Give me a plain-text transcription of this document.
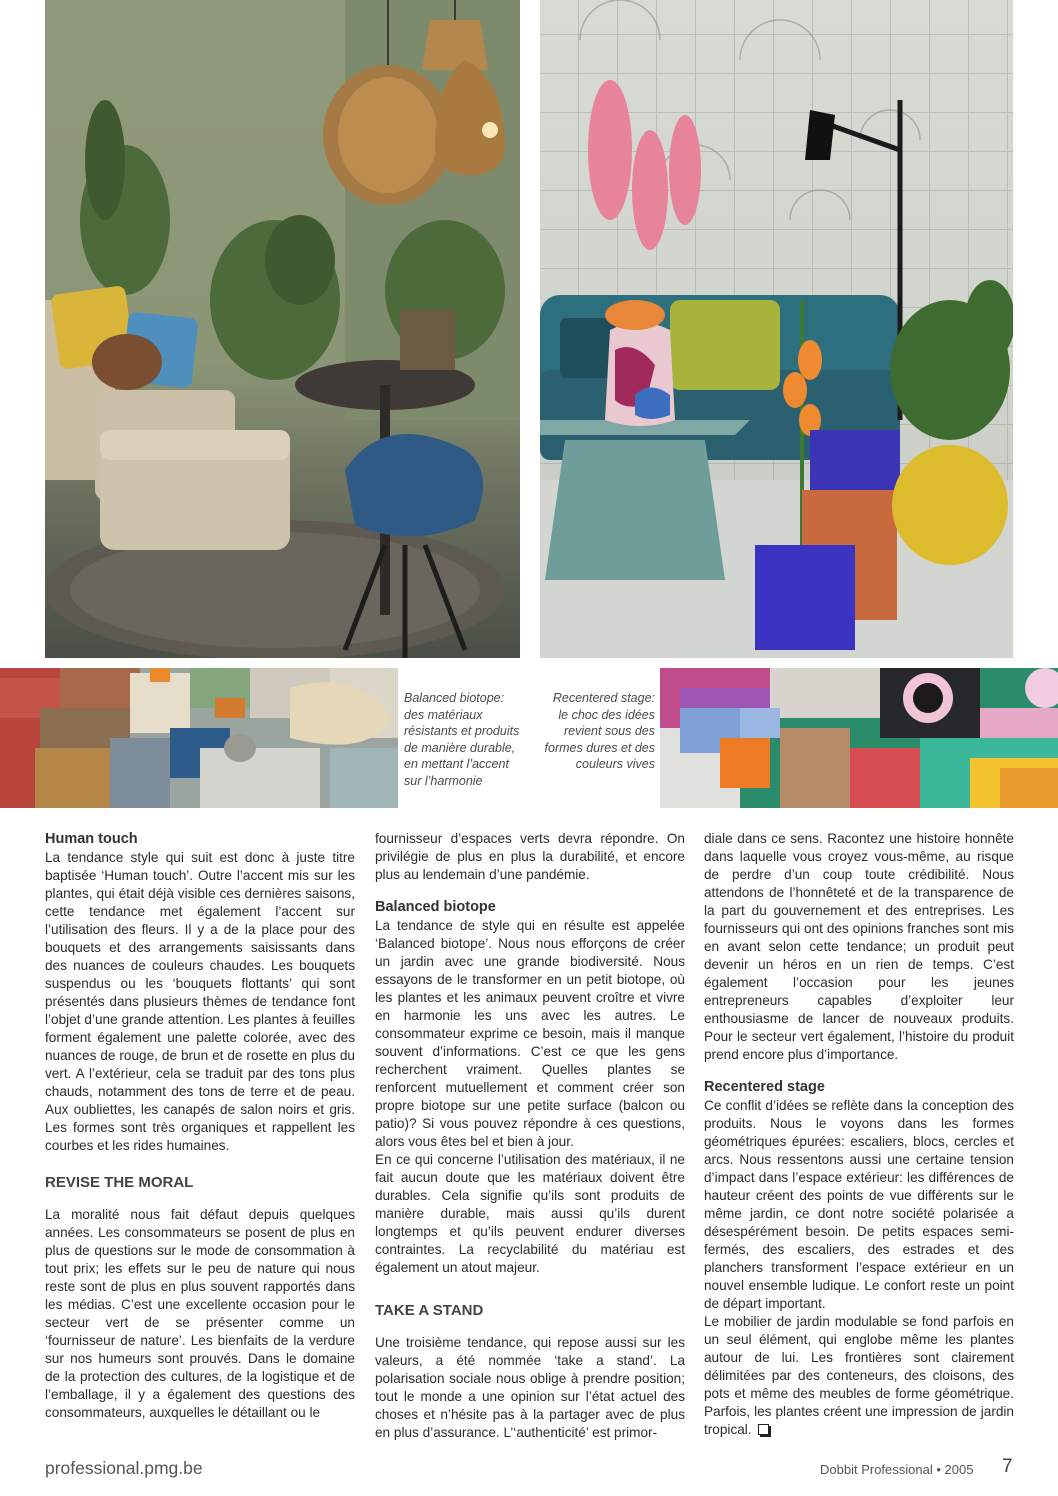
Balanced biotope:
des matériaux
résistants et produits
de manière durable,
en mettant l’accent
sur l’harmonie
Recentered stage:
le choc des idées
revient sous des
formes dures et des
couleurs vives
Human touch

La tendance style qui suit est donc à juste titre baptisée ‘Human touch’. Outre l’accent mis sur les plantes, qui était déjà visible ces dernières saisons, cette tendance met également l’accent sur l’utilisation des fleurs. Il y a de la place pour des bouquets et des arrangements saisissants dans des nuances de couleurs chaudes. Les bouquets suspendus ou les ‘bouquets flottants’ qui sont présentés dans plusieurs thèmes de tendance font l’objet d’une grande attention. Les plantes à feuilles forment également une palette colorée, avec des nuances de rouge, de brun et de rosette en plus du vert. A l’extérieur, cela se traduit par des tons plus chauds, notamment des tons de terre et de peau. Aux oubliettes, les canapés de salon noirs et gris. Les formes sont très organiques et rappellent les courbes et les rides humaines.

REVISE THE MORAL

La moralité nous fait défaut depuis quelques années. Les consommateurs se posent de plus en plus de questions sur le mode de consommation à tout prix; les effets sur le peu de nature qui nous reste sont de plus en plus souvent rapportés dans les médias. C’est une excellente occasion pour le secteur vert de se présenter comme un ‘fournisseur de nature’. Les bienfaits de la verdure sur nos humeurs sont prouvés. Dans le domaine de la protection des cultures, de la logistique et de l’emballage, il y a également des questions des consommateurs, auxquelles le détaillant ou le

fournisseur d’espaces verts devra répondre. On privilégie de plus en plus la durabilité, et encore plus au lendemain d’une pandémie.

Balanced biotope

La tendance de style qui en résulte est appelée ‘Balanced biotope’. Nous nous efforçons de créer un jardin avec une grande biodiversité. Nous essayons de le transformer en un petit biotope, où les plantes et les animaux peuvent croître et vivre en harmonie les uns avec les autres. Le consommateur exprime ce besoin, mais il manque souvent d’informations. C’est ce que les gens recherchent vraiment. Quelles plantes se renforcent mutuellement et comment créer son propre biotope sur une petite surface (balcon ou patio)? Si vous pouvez répondre à ces questions, alors vous êtes bel et bien à jour.

En ce qui concerne l’utilisation des matériaux, il ne fait aucun doute que les matériaux doivent être durables. Cela signifie qu’ils sont produits de manière durable, mais aussi qu’ils durent longtemps et qu’ils peuvent endurer diverses contraintes. La recyclabilité du matériau est également un atout majeur.

TAKE A STAND

Une troisième tendance, qui repose aussi sur les valeurs, a été nommée ‘take a stand’. La polarisation sociale nous oblige à prendre position; tout le monde a une opinion sur l’état actuel des choses et n’hésite pas à la partager avec de plus en plus d’assurance. L’‘authenticité’ est primor-

diale dans ce sens. Racontez une histoire honnête dans laquelle vous croyez vous-même, au risque de perdre d’un coup toute crédibilité. Nous attendons de l’honnêteté et de la transparence de la part du gouvernement et des entreprises. Les fournisseurs qui ont des opinions franches sont mis en avant selon cette tendance; un produit peut devenir un héros en un rien de temps. C’est également l’occasion pour les jeunes entrepreneurs capables d’exploiter leur enthousiasme de lancer de nouveaux produits. Pour le secteur vert également, l’histoire du produit prend encore plus d’importance.

Recentered stage

Ce conflit d’idées se reflète dans la conception des produits. Nous le voyons dans les formes géométriques épurées: escaliers, blocs, cercles et arcs. Nous ressentons aussi une certaine tension d’impact dans l’espace extérieur: les différences de hauteur créent des points de vue différents sur le même jardin, ce dont notre société polarisée a désespérément besoin. De petits espaces semi-fermés, des escaliers, des estrades et des planchers transforment l’espace extérieur en un nouvel ensemble ludique. Le confort reste un point de départ important.

Le mobilier de jardin modulable se fond parfois en un seul élément, qui englobe même les plantes autour de lui. Les frontières sont clairement délimitées par des conteneurs, des cloisons, des pots et même des meubles de forme géométrique. Parfois, les plantes créent une impression de jardin tropical.

professional.pmg.be	Dobbit Professional • 2005 7
